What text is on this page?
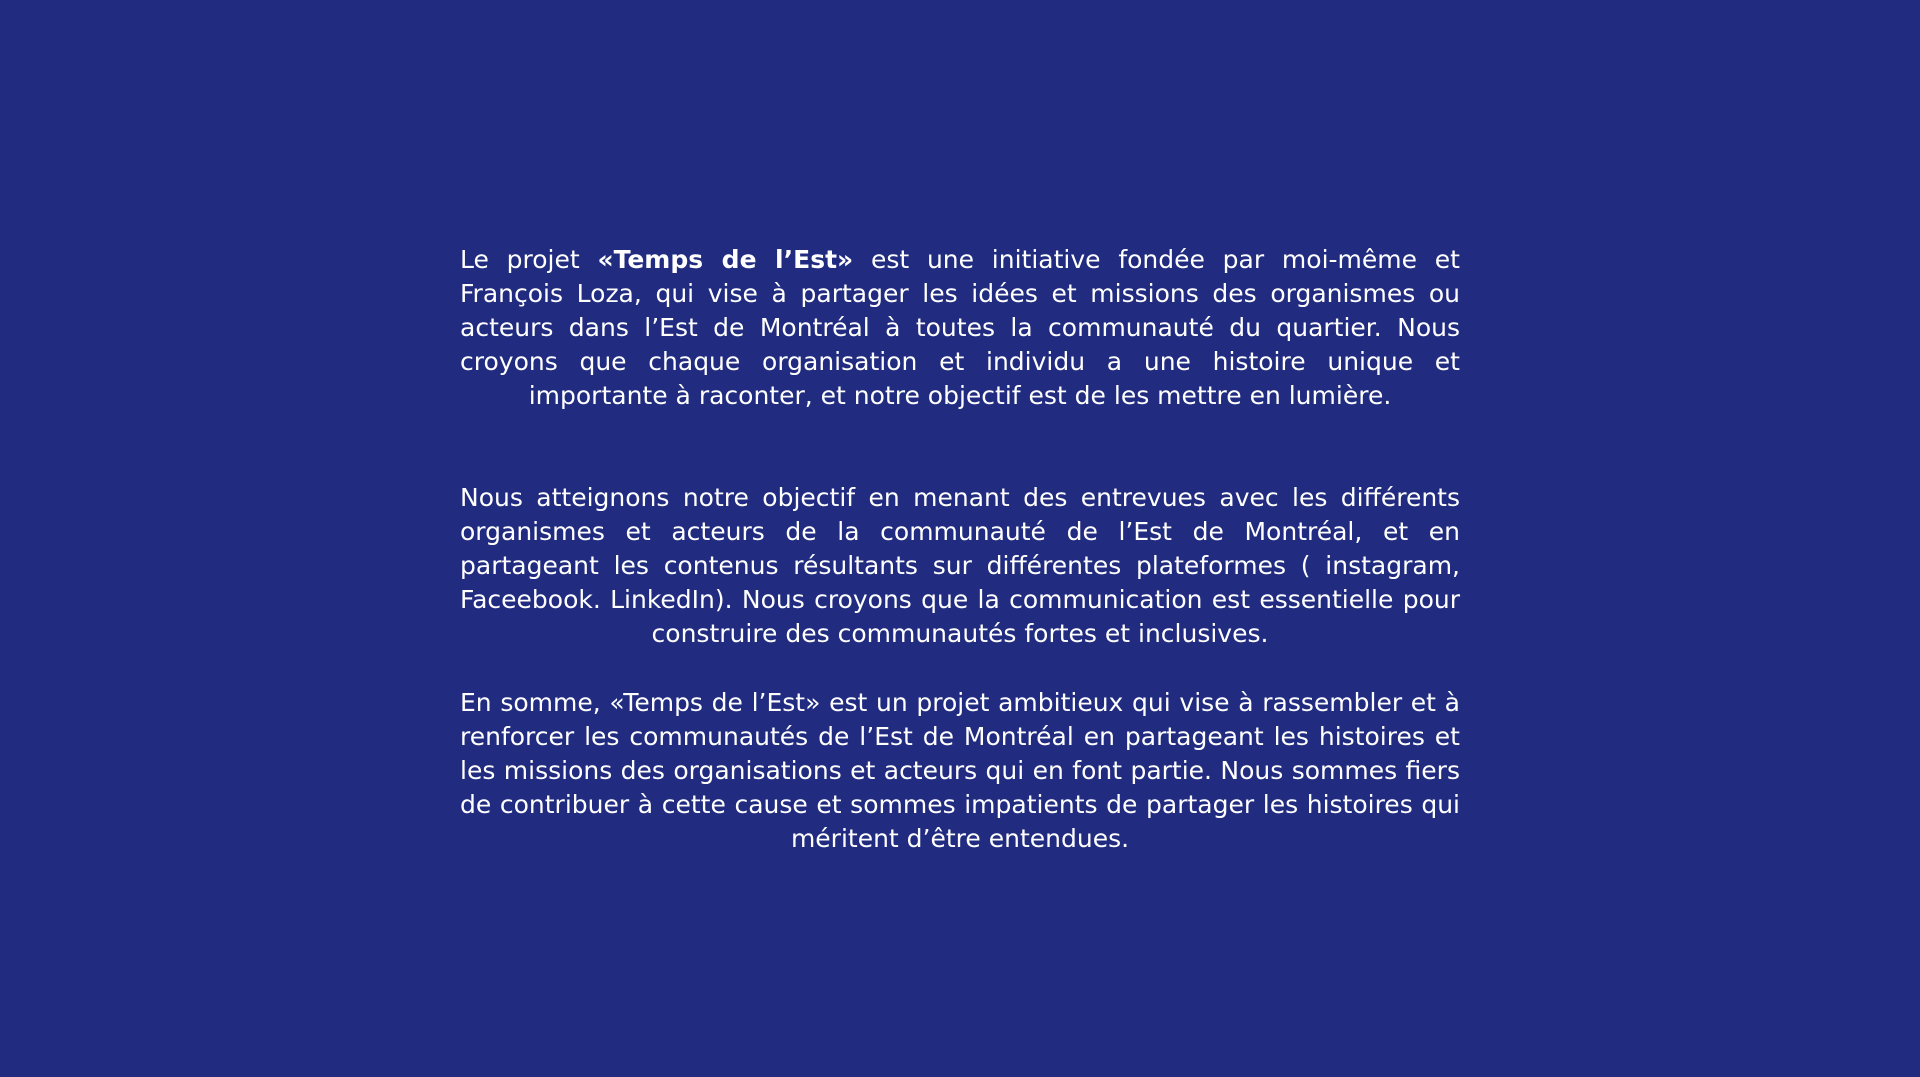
Le projet «Temps de l’Est» est une initiative fondée par moi-même et François Loza, qui vise à partager les idées et missions des organismes ou acteurs dans l’Est de Montréal à toutes la communauté du quartier. Nous croyons que chaque organisation et individu a une histoire unique et importante à raconter, et notre objectif est de les mettre en lumière.
Nous atteignons notre objectif en menant des entrevues avec les différents organismes et acteurs de la communauté de l’Est de Montréal, et en partageant les contenus résultants sur différentes plateformes ( instagram, Faceebook. LinkedIn). Nous croyons que la communication est essentielle pour construire des communautés fortes et inclusives.
En somme, «Temps de l’Est» est un projet ambitieux qui vise à rassembler et à renforcer les communautés de l’Est de Montréal en partageant les histoires et les missions des organisations et acteurs qui en font partie. Nous sommes fiers de contribuer à cette cause et sommes impatients de partager les histoires qui méritent d’être entendues.
